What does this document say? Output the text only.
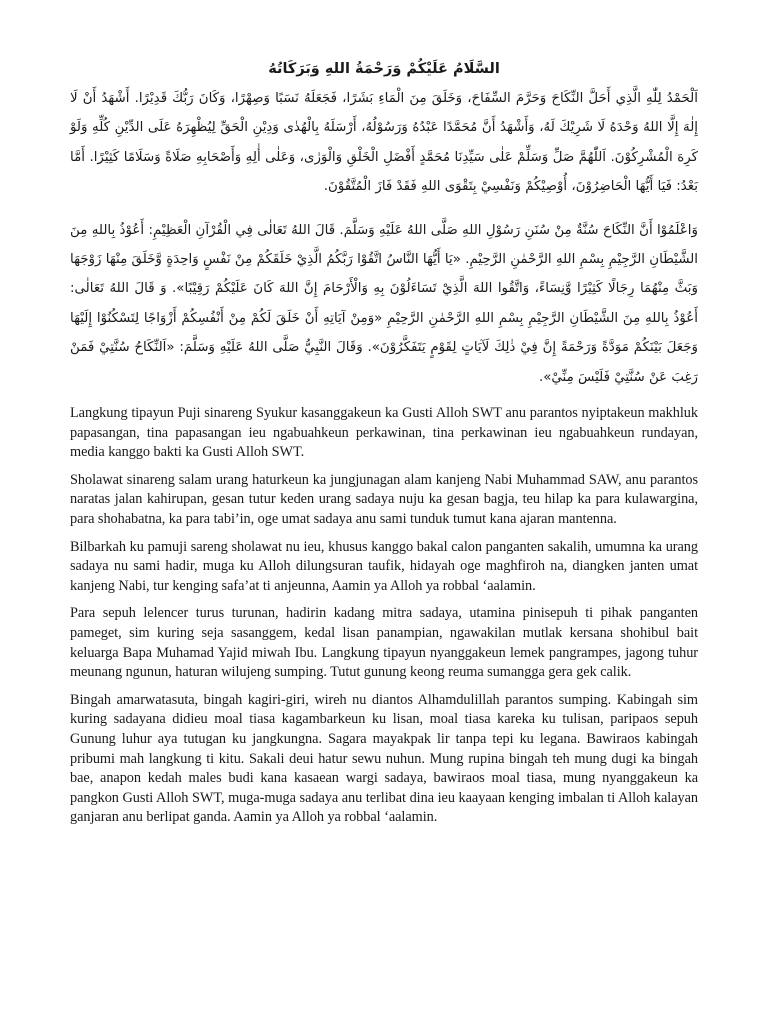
السَّلَامُ عَلَيْكُمْ وَرَحْمَةُ اللهِ وَبَرَكَاتُهُ

اَلْحَمْدُ لِلّٰهِ الَّذِي أَحَلَّ النِّكَاحَ وَحَرَّمَ السِّفَاحَ، وَخَلَقَ مِنَ الْمَاءِ بَشَرًا، فَجَعَلَهُ نَسَبًا وَصِهْرًا، وَكَانَ رَبُّكَ قَدِيْرًا. أَشْهَدُ أَنْ لَا إِلٰهَ إِلَّا اللهُ وَحْدَهُ لَا شَرِيْكَ لَهُ، وَأَشْهَدُ أَنَّ مُحَمَّدًا عَبْدُهُ وَرَسُوْلُهُ، أَرْسَلَهُ بِالْهُدٰى وَدِيْنِ الْحَقِّ لِيُظْهِرَهُ عَلَى الدِّيْنِ كُلِّهِ وَلَوْ كَرِهَ الْمُشْرِكُوْنَ. اَللّٰهُمَّ صَلِّ وَسَلِّمْ عَلٰى سَيِّدِنَا مُحَمَّدٍ أَفْضَلِ الْخَلْقِ وَالْوَرٰى، وَعَلٰى أٰلِهِ وَأَصْحَابِهِ صَلَاةً وَسَلَامًا كَثِيْرًا. أَمَّا بَعْدُ: فَيَا أَيُّهَا الْحَاضِرُوْنَ، أُوْصِيْكُمْ وَنَفْسِيْ بِتَقْوَى اللهِ فَقَدْ فَازَ الْمُتَّقُوْنَ.

وَاعْلَمُوْا أَنَّ النِّكَاحَ سُنَّةٌ مِنْ سُنَنِ رَسُوْلِ اللهِ صَلَّى اللهُ عَلَيْهِ وَسَلَّمَ. قَالَ اللهُ تَعَالٰى فِي الْقُرْآنِ الْعَظِيْمِ: أَعُوْذُ بِاللهِ مِنَ الشَّيْطَانِ الرَّجِيْمِ بِسْمِ اللهِ الرَّحْمٰنِ الرَّحِيْمِ. «يَا أَيُّهَا النَّاسُ اتَّقُوْا رَبَّكُمُ الَّذِيْ خَلَقَكُمْ مِنْ نَفْسٍ وَاحِدَةٍ وَّخَلَقَ مِنْهَا زَوْجَهَا وَبَثَّ مِنْهُمَا رِجَالًا كَثِيْرًا وَّنِسَاءً، وَاتَّقُوا اللهَ الَّذِيْ تَسَاءَلُوْنَ بِهِ وَالْأَرْحَامَ إِنَّ اللهَ كَانَ عَلَيْكُمْ رَقِيْبًا». وَ قَالَ اللهُ تَعَالٰى: أَعُوْذُ بِاللهِ مِنَ الشَّيْطَانِ الرَّجِيْمِ بِسْمِ اللهِ الرَّحْمٰنِ الرَّحِيْمِ «وَمِنْ آيَاتِهِ أَنْ خَلَقَ لَكُمْ مِنْ أَنْفُسِكُمْ أَزْوَاجًا لِتَسْكُنُوْا إِلَيْهَا وَجَعَلَ بَيْنَكُمْ مَوَدَّةً وَرَحْمَةً إِنَّ فِيْ ذٰلِكَ لَآيَاتٍ لِقَوْمٍ يَتَفَكَّرُوْنَ». وَقَالَ النَّبِيُّ صَلَّى اللهُ عَلَيْهِ وَسَلَّمَ: «اَلنِّكَاحُ سُنَّتِيْ فَمَنْ رَغِبَ عَنْ سُنَّتِيْ فَلَيْسَ مِنِّيْ».

Langkung tipayun Puji sinareng Syukur kasanggakeun ka Gusti Alloh SWT anu parantos nyiptakeun makhluk papasangan, tina papasangan ieu ngabuahkeun perkawinan, tina perkawinan ieu ngabuahkeun rundayan, media kanggo bakti ka Gusti Alloh SWT.

Sholawat sinareng salam urang haturkeun ka jungjunagan alam kanjeng Nabi Muhammad SAW, anu parantos naratas jalan kahirupan, gesan tutur keden urang sadaya nuju ka gesan bagja, teu hilap ka para kulawargina, para shohabatna, ka para tabi’in, oge umat sadaya anu sami tunduk tumut kana ajaran mantenna.

Bilbarkah ku pamuji sareng sholawat nu ieu, khusus kanggo bakal calon panganten sakalih, umumna ka urang sadaya nu sami hadir, muga ku Alloh dilungsuran taufik, hidayah oge maghfiroh na, diangken janten umat kanjeng Nabi, tur kenging safa’at ti anjeunna, Aamin ya Alloh ya robbal ‘aalamin.

Para sepuh lelencer turus turunan, hadirin kadang mitra sadaya, utamina pinisepuh ti pihak panganten pameget, sim kuring seja sasanggem, kedal lisan panampian, ngawakilan mutlak kersana shohibul bait keluarga Bapa Muhamad Yajid miwah Ibu. Langkung tipayun nyanggakeun lemek pangrampes, jagong tuhur meunang ngunun, haturan wilujeng sumping. Tutut gunung keong reuma sumangga gera gek calik.

Bingah amarwatasuta, bingah kagiri-giri, wireh nu diantos Alhamdulillah parantos sumping. Kabingah sim kuring sadayana didieu moal tiasa kagambarkeun ku lisan, moal tiasa kareka ku tulisan, paripaos sepuh Gunung luhur aya tutugan ku jangkungna. Sagara mayakpak lir tanpa tepi ku legana. Bawiraos kabingah pribumi mah langkung ti kitu. Sakali deui hatur sewu nuhun. Mung rupina bingah teh mung dugi ka bingah bae, anapon kedah males budi kana kasaean wargi sadaya, bawiraos moal tiasa, mung nyanggakeun ka pangkon Gusti Alloh SWT, muga-muga sadaya anu terlibat dina ieu kaayaan kenging imbalan ti Alloh kalayan ganjaran anu berlipat ganda. Aamin ya Alloh ya robbal ‘aalamin.
